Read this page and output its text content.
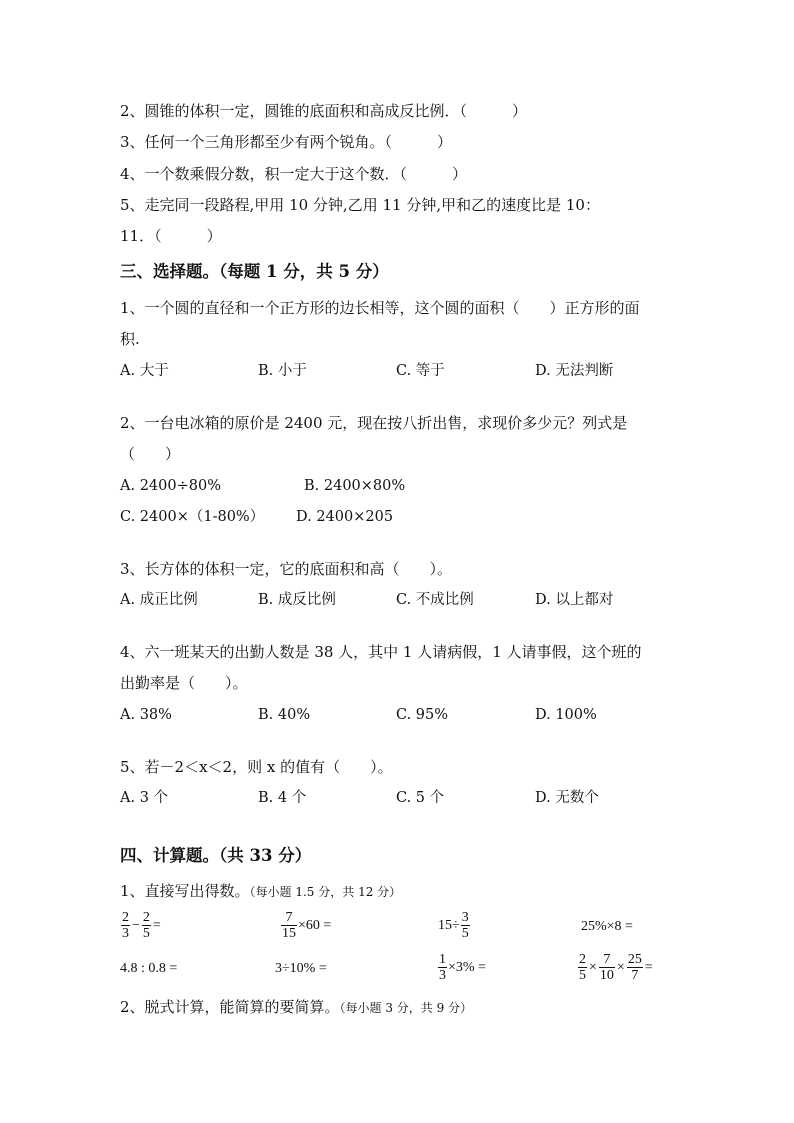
2、圆锥的体积一定，圆锥的底面积和高成反比例．（　　　）
3、任何一个三角形都至少有两个锐角。（　　　）
4、一个数乘假分数，积一定大于这个数．（　　　）
5、走完同一段路程,甲用 10 分钟,乙用 11 分钟,甲和乙的速度比是 10：
11．（　　　）
三、选择题。（每题 1 分，共 5 分）
1、一个圆的直径和一个正方形的边长相等，这个圆的面积（　　）正方形的面
积.
A. 大于	B. 小于	C. 等于	D. 无法判断
2、一台电冰箱的原价是 2400 元，现在按八折出售，求现价多少元？列式是
（　　）
A. 2400÷80%	B. 2400×80%
C. 2400×（1-80%） D. 2400×205
3、长方体的体积一定，它的底面积和高（　　）。
A. 成正比例	B. 成反比例	C. 不成比例	D. 以上都对
4、六一班某天的出勤人数是 38 人，其中 1 人请病假，1 人请事假，这个班的
出勤率是（　　）。
A. 38%	B. 40%	C. 95%	D. 100%
5、若－2＜x＜2，则 x 的值有（　　）。
A. 3 个	B. 4 个	C. 5 个	D. 无数个
四、计算题。（共 33 分）
1、直接写出得数。（每小题 1.5 分，共 12 分）
$\frac{2}{3} - \frac{2}{5}$ =	$\frac{7}{15} \times 60$ =	$15\div \frac{3}{5}$	25%×8 =
4.8 : 0.8 =	3÷10% =	$\frac{1}{3} \times 3\%$ =	$\frac{2}{5} \times \frac{7}{10} \times \frac{25}{7}$ =
2、脱式计算，能简算的要简算。（每小题 3 分，共 9 分）
